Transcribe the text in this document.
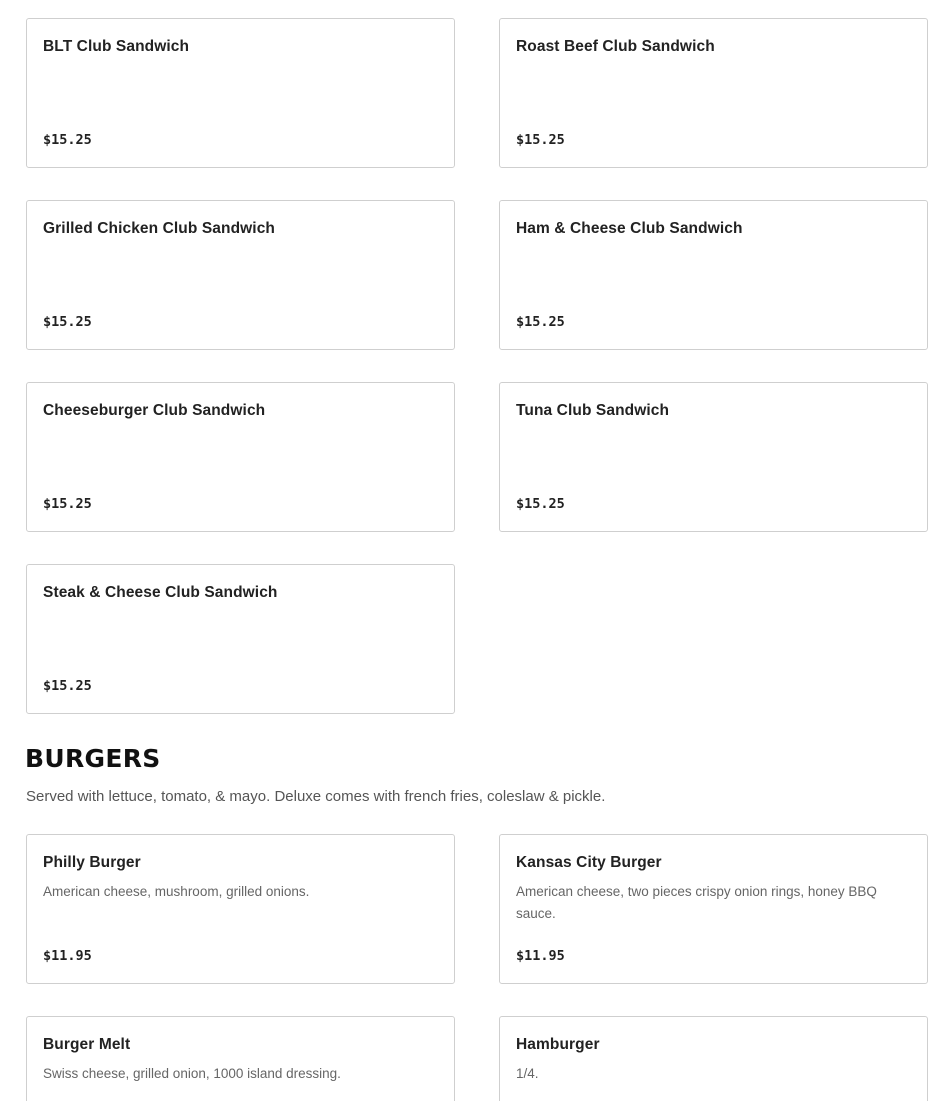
BLT Club Sandwich
$15.25
Roast Beef Club Sandwich
$15.25
Grilled Chicken Club Sandwich
$15.25
Ham & Cheese Club Sandwich
$15.25
Cheeseburger Club Sandwich
$15.25
Tuna Club Sandwich
$15.25
Steak & Cheese Club Sandwich
$15.25
BURGERS
Served with lettuce, tomato, & mayo. Deluxe comes with french fries, coleslaw & pickle.
Philly Burger
American cheese, mushroom, grilled onions.
$11.95
Kansas City Burger
American cheese, two pieces crispy onion rings, honey BBQ sauce.
$11.95
Burger Melt
Swiss cheese, grilled onion, 1000 island dressing.
Hamburger
1/4.
